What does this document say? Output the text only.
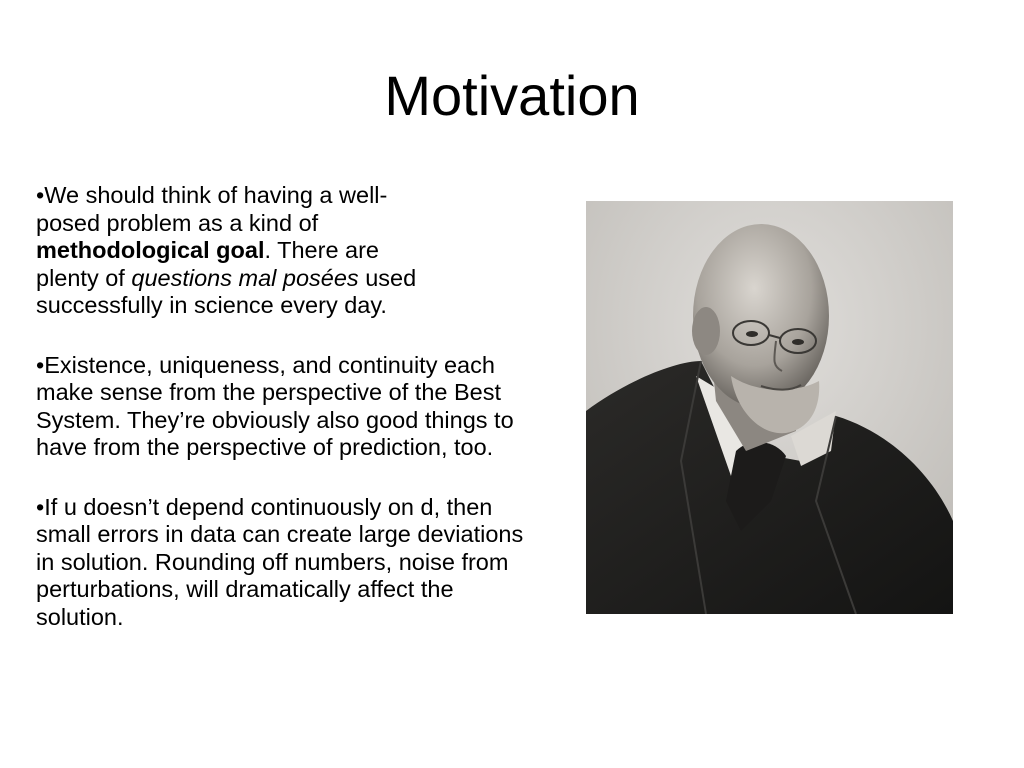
Motivation

•We should think of having a well-
posed problem as a kind of
methodological goal. There are
plenty of questions mal posées used
successfully in science every day.

•Existence, uniqueness, and continuity each make sense from the perspective of the Best System. They’re obviously also good things to have from the perspective of prediction, too.

•If u doesn’t depend continuously on d, then small errors in data can create large deviations in solution. Rounding off numbers, noise from perturbations, will dramatically affect the solution.
